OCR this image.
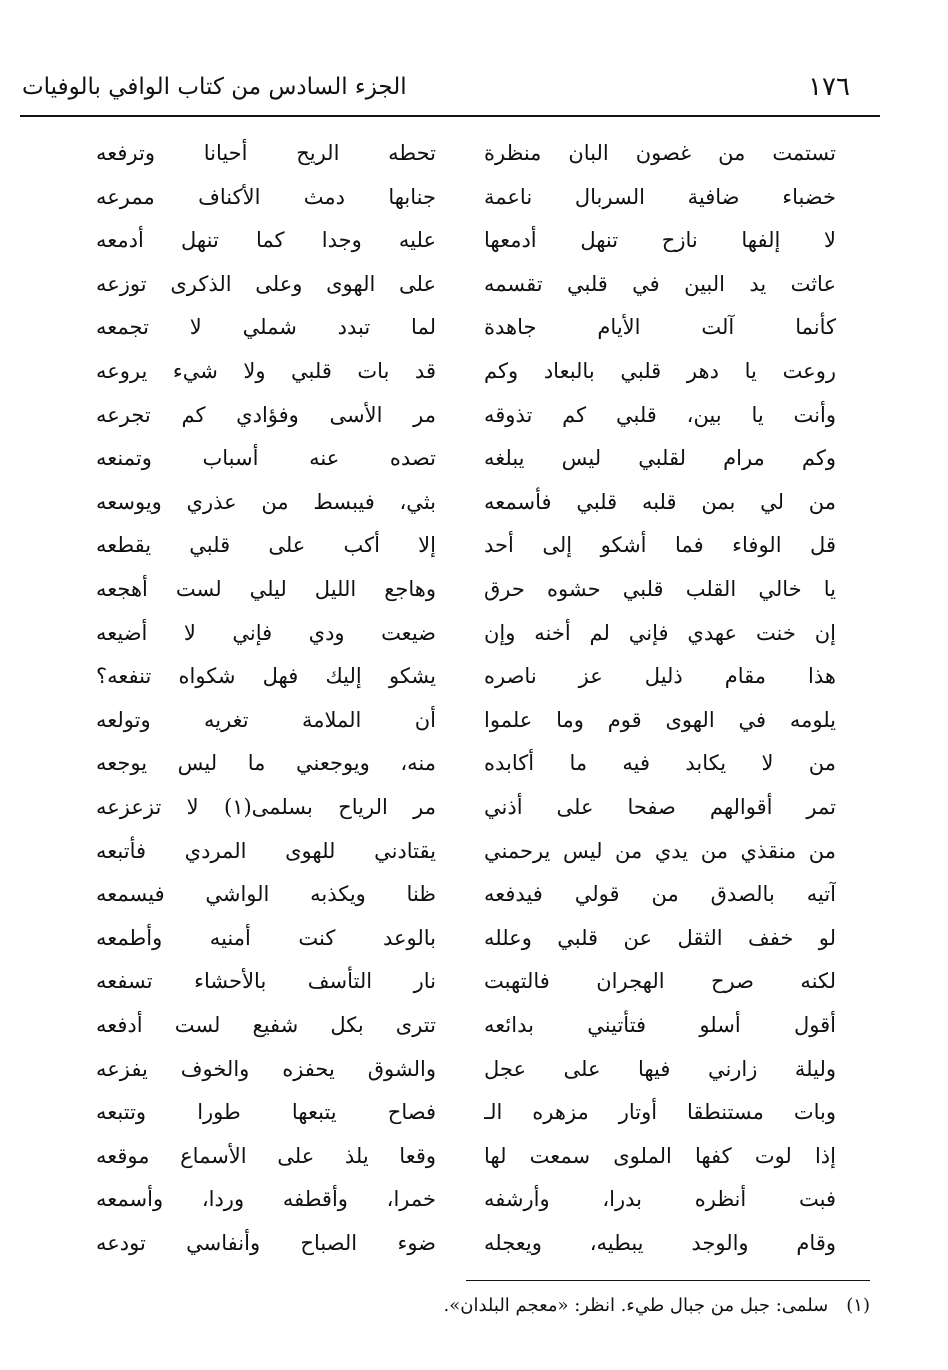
١٧٦
الجزء السادس من كتاب الوافي بالوفيات
تستمت من غصون البان منظرة
خضباء ضافية السربال ناعمة
لا إلفها نازح تنهل أدمعها
عاثت يد البين في قلبي تقسمه
كأنما آلت الأيام جاهدة
روعت يا دهر قلبي بالبعاد وكم
وأنت يا بين، قلبي كم تذوقه
وكم مرام لقلبي ليس يبلغه
من لي بمن قلبه قلبي فأسمعه
قل الوفاء فما أشكو إلى أحد
يا خالي القلب قلبي حشوه حرق
إن خنت عهدي فإني لم أخنه وإن
هذا مقام ذليل عز ناصره
يلومه في الهوى قوم وما علموا
من لا يكابد فيه ما أكابده
تمر أقوالهم صفحا على أذني
من منقذي من يدي من ليس يرحمني
آتيه بالصدق من قولي فيدفعه
لو خفف الثقل عن قلبي وعلله
لكنه صرح الهجران فالتهبت
أقول أسلو فتأتيني بدائعه
وليلة زارني فيها على عجل
وبات مستنطقا أوتار مزهره الـ
إذا لوت كفها الملوى سمعت لها
فبت أنظره بدرا، وأرشفه
وقام والوجد يبطيه، ويعجله
تحطه الريح أحيانا وترفعه
جنابها دمث الأكناف ممرعه
عليه وجدا كما تنهل أدمعه
على الهوى وعلى الذكرى توزعه
لما تبدد شملي لا تجمعه
قد بات قلبي ولا شيء يروعه
مر الأسى وفؤادي كم تجرعه
تصده عنه أسباب وتمنعه
بثي، فيبسط من عذري ويوسعه
إلا أكب على قلبي يقطعه
وهاجع الليل ليلي لست أهجعه
ضيعت ودي فإني لا أضيعه
يشكو إليك فهل شكواه تنفعه؟
أن الملامة تغريه وتولعه
منه، ويوجعني ما ليس يوجعه
مر الرياح بسلمى(١) لا تزعزعه
يقتادني للهوى المردي فأتبعه
ظنا ويكذبه الواشي فيسمعه
بالوعد كنت أمنيه وأطمعه
نار التأسف بالأحشاء تسفعه
تترى بكل شفيع لست أدفعه
والشوق يحفزه والخوف يفزعه
فصاح يتبعها طورا وتتبعه
وقعا يلذ على الأسماع موقعه
خمرا، وأقطفه وردا، وأسمعه
ضوء الصباح وأنفاسي تودعه
(١)سلمى: جبل من جبال طيء. انظر: «معجم البلدان».
